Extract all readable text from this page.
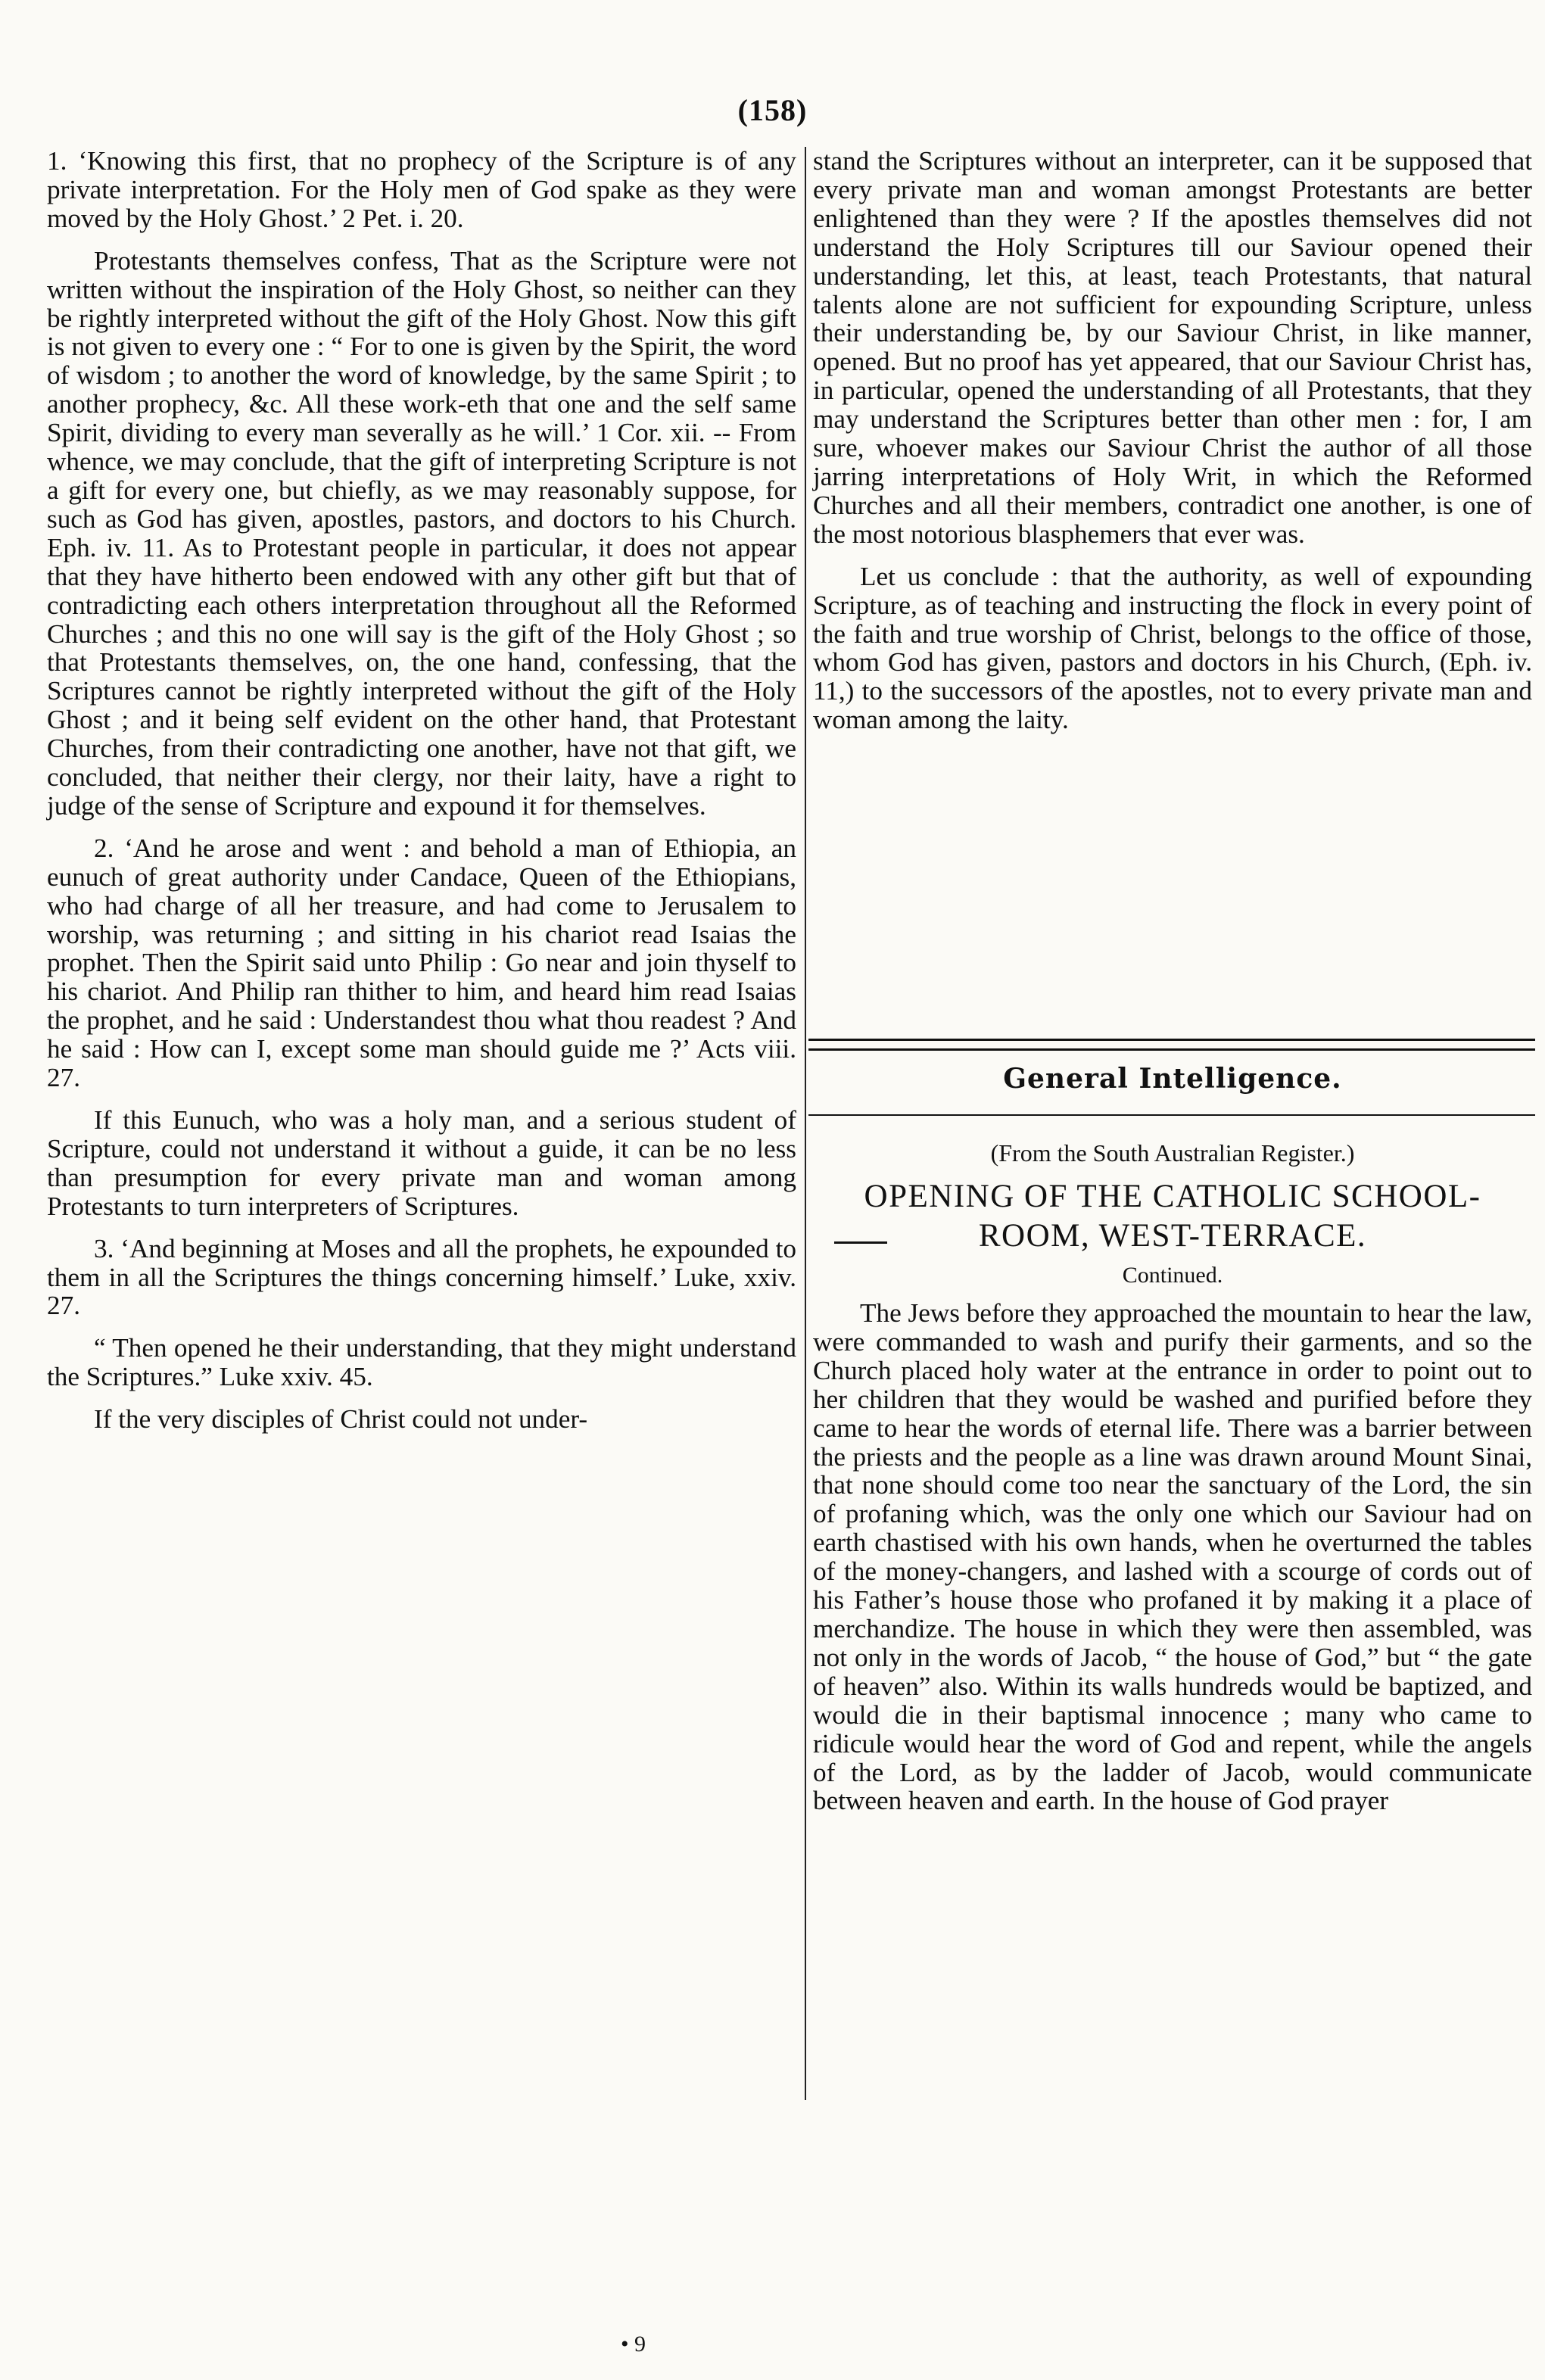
(158)

1. ‘Knowing this first, that no prophecy of the Scripture is of any private interpretation. For the Holy men of God spake as they were moved by the Holy Ghost.’ 2 Pet. i. 20.

Protestants themselves confess, That as the Scripture were not written without the inspiration of the Holy Ghost, so neither can they be rightly interpreted without the gift of the Holy Ghost. Now this gift is not given to every one : “ For to one is given by the Spirit, the word of wisdom ; to another the word of knowledge, by the same Spirit ; to another prophecy, &c. All these work-eth that one and the self same Spirit, dividing to every man severally as he will.’ 1 Cor. xii. -- From whence, we may conclude, that the gift of interpreting Scripture is not a gift for every one, but chiefly, as we may reasonably suppose, for such as God has given, apostles, pastors, and doctors to his Church. Eph. iv. 11. As to Protestant people in particular, it does not appear that they have hitherto been endowed with any other gift but that of contradicting each others interpretation throughout all the Reformed Churches ; and this no one will say is the gift of the Holy Ghost ; so that Protestants themselves, on, the one hand, confessing, that the Scriptures cannot be rightly interpreted without the gift of the Holy Ghost ; and it being self evident on the other hand, that Protestant Churches, from their contradicting one another, have not that gift, we concluded, that neither their clergy, nor their laity, have a right to judge of the sense of Scripture and expound it for themselves.

2. ‘And he arose and went : and behold a man of Ethiopia, an eunuch of great authority under Candace, Queen of the Ethiopians, who had charge of all her treasure, and had come to Jerusalem to worship, was returning ; and sitting in his chariot read Isaias the prophet. Then the Spirit said unto Philip : Go near and join thyself to his chariot. And Philip ran thither to him, and heard him read Isaias the prophet, and he said : Understandest thou what thou readest ? And he said : How can I, except some man should guide me ?’ Acts viii. 27.

If this Eunuch, who was a holy man, and a serious student of Scripture, could not understand it without a guide, it can be no less than presumption for every private man and woman among Protestants to turn interpreters of Scriptures.

3. ‘And beginning at Moses and all the prophets, he expounded to them in all the Scriptures the things concerning himself.’ Luke, xxiv. 27.

“ Then opened he their understanding, that they might understand the Scriptures.” Luke xxiv. 45.

If the very disciples of Christ could not under-

stand the Scriptures without an interpreter, can it be supposed that every private man and woman amongst Protestants are better enlightened than they were ? If the apostles themselves did not understand the Holy Scriptures till our Saviour opened their understanding, let this, at least, teach Protestants, that natural talents alone are not sufficient for expounding Scripture, unless their understanding be, by our Saviour Christ, in like manner, opened. But no proof has yet appeared, that our Saviour Christ has, in particular, opened the understanding of all Protestants, that they may understand the Scriptures better than other men : for, I am sure, whoever makes our Saviour Christ the author of all those jarring interpretations of Holy Writ, in which the Reformed Churches and all their members, contradict one another, is one of the most notorious blasphemers that ever was.

Let us conclude : that the authority, as well of expounding Scripture, as of teaching and instructing the flock in every point of the faith and true worship of Christ, belongs to the office of those, whom God has given, pastors and doctors in his Church, (Eph. iv. 11,) to the successors of the apostles, not to every private man and woman among the laity.

General Intelligence.
(From the South Australian Register.)
OPENING OF THE CATHOLIC SCHOOL-ROOM, WEST-TERRACE.
Continued.

The Jews before they approached the mountain to hear the law, were commanded to wash and purify their garments, and so the Church placed holy water at the entrance in order to point out to her children that they would be washed and purified before they came to hear the words of eternal life. There was a barrier between the priests and the people as a line was drawn around Mount Sinai, that none should come too near the sanctuary of the Lord, the sin of profaning which, was the only one which our Saviour had on earth chastised with his own hands, when he overturned the tables of the money-changers, and lashed with a scourge of cords out of his Father’s house those who profaned it by making it a place of merchandize. The house in which they were then assembled, was not only in the words of Jacob, “ the house of God,” but “ the gate of heaven” also. Within its walls hundreds would be baptized, and would die in their baptismal innocence ; many who came to ridicule would hear the word of God and repent, while the angels of the Lord, as by the ladder of Jacob, would communicate between heaven and earth. In the house of God prayer

• 9
